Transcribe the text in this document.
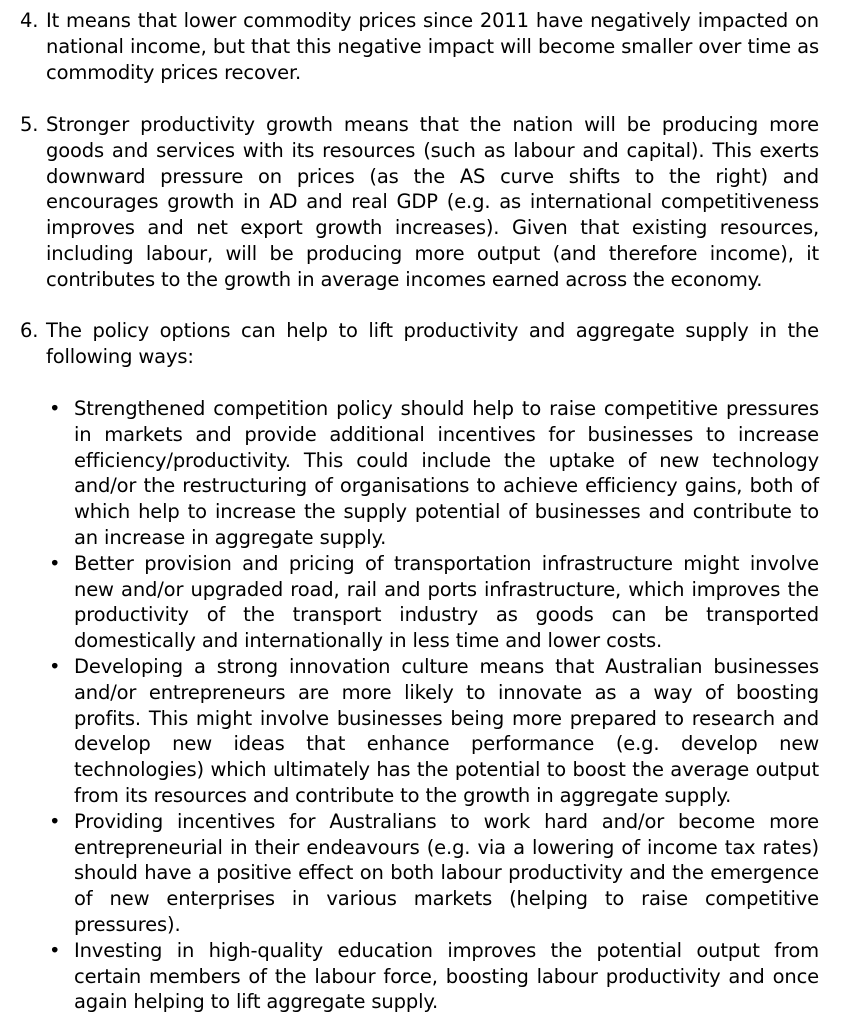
4. It means that lower commodity prices since 2011 have negatively impacted on national income, but that this negative impact will become smaller over time as commodity prices recover.
5. Stronger productivity growth means that the nation will be producing more goods and services with its resources (such as labour and capital). This exerts downward pressure on prices (as the AS curve shifts to the right) and encourages growth in AD and real GDP (e.g. as international competitiveness improves and net export growth increases). Given that existing resources, including labour, will be producing more output (and therefore income), it contributes to the growth in average incomes earned across the economy.
6. The policy options can help to lift productivity and aggregate supply in the following ways:
• Strengthened competition policy should help to raise competitive pressures in markets and provide additional incentives for businesses to increase efficiency/productivity. This could include the uptake of new technology and/or the restructuring of organisations to achieve efficiency gains, both of which help to increase the supply potential of businesses and contribute to an increase in aggregate supply.
• Better provision and pricing of transportation infrastructure might involve new and/or upgraded road, rail and ports infrastructure, which improves the productivity of the transport industry as goods can be transported domestically and internationally in less time and lower costs.
• Developing a strong innovation culture means that Australian businesses and/or entrepreneurs are more likely to innovate as a way of boosting profits. This might involve businesses being more prepared to research and develop new ideas that enhance performance (e.g. develop new technologies) which ultimately has the potential to boost the average output from its resources and contribute to the growth in aggregate supply.
• Providing incentives for Australians to work hard and/or become more entrepreneurial in their endeavours (e.g. via a lowering of income tax rates) should have a positive effect on both labour productivity and the emergence of new enterprises in various markets (helping to raise competitive pressures).
• Investing in high-quality education improves the potential output from certain members of the labour force, boosting labour productivity and once again helping to lift aggregate supply.
